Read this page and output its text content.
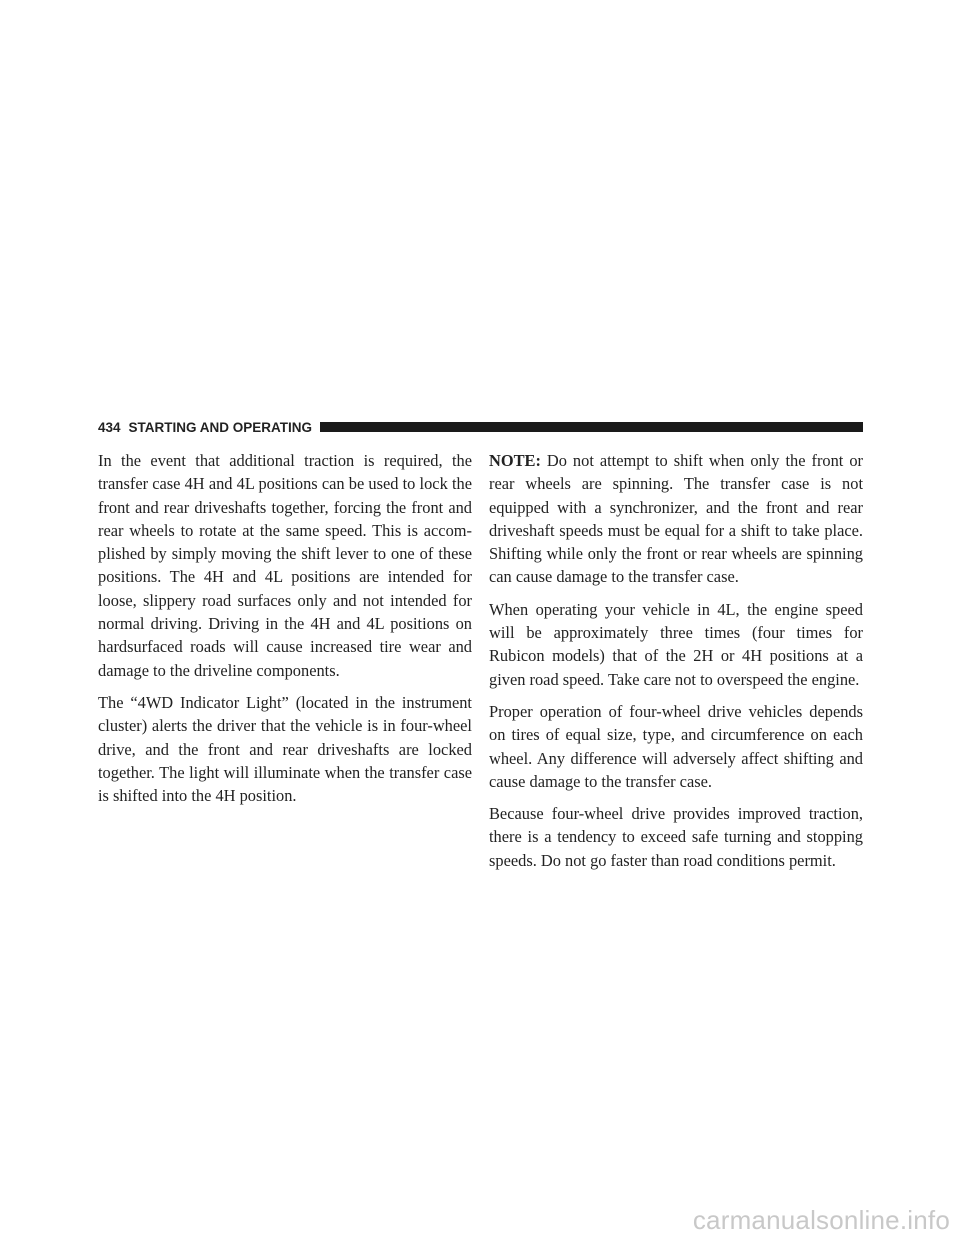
434 STARTING AND OPERATING

In the event that additional traction is required, the transfer case 4H and 4L positions can be used to lock the front and rear driveshafts together, forcing the front and rear wheels to rotate at the same speed. This is accomplished by simply moving the shift lever to one of these positions. The 4H and 4L positions are intended for loose, slippery road surfaces only and not intended for normal driving. Driving in the 4H and 4L positions on hardsurfaced roads will cause increased tire wear and damage to the driveline components.

The “4WD Indicator Light” (located in the instrument cluster) alerts the driver that the vehicle is in four-wheel drive, and the front and rear driveshafts are locked together. The light will illuminate when the transfer case is shifted into the 4H position.

NOTE: Do not attempt to shift when only the front or rear wheels are spinning. The transfer case is not equipped with a synchronizer, and the front and rear driveshaft speeds must be equal for a shift to take place. Shifting while only the front or rear wheels are spinning can cause damage to the transfer case.

When operating your vehicle in 4L, the engine speed will be approximately three times (four times for Rubicon models) that of the 2H or 4H positions at a given road speed. Take care not to overspeed the engine.

Proper operation of four-wheel drive vehicles depends on tires of equal size, type, and circumference on each wheel. Any difference will adversely affect shifting and cause damage to the transfer case.

Because four-wheel drive provides improved traction, there is a tendency to exceed safe turning and stopping speeds. Do not go faster than road conditions permit.

carmanualsonline.info
